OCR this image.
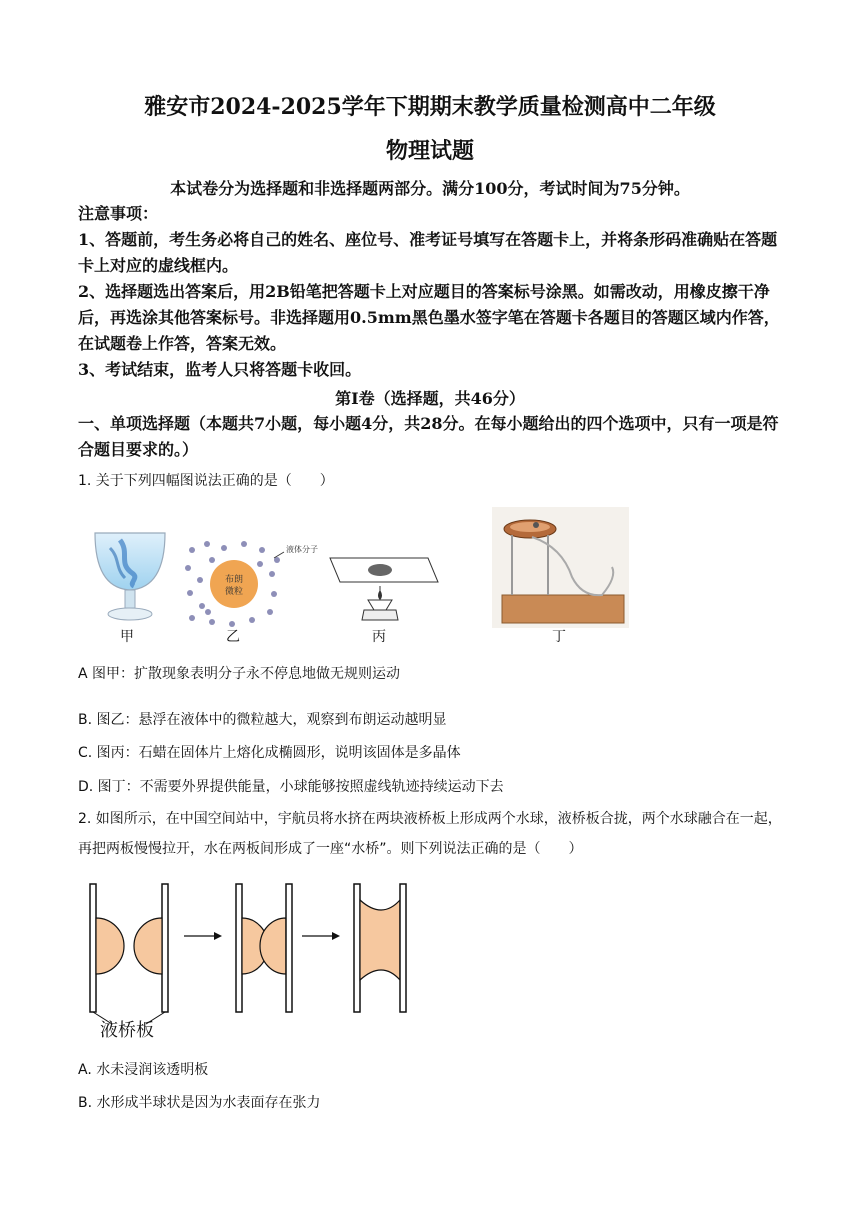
雅安市2024-2025学年下期期末教学质量检测高中二年级
物理试题
本试卷分为选择题和非选择题两部分。满分100分，考试时间为75分钟。
注意事项：
1、答题前，考生务必将自己的姓名、座位号、准考证号填写在答题卡上，并将条形码准确贴在答题卡上对应的虚线框内。
2、选择题选出答案后，用2B铅笔把答题卡上对应题目的答案标号涂黑。如需改动，用橡皮擦干净后，再选涂其他答案标号。非选择题用0.5mm黑色墨水签字笔在答题卡各题目的答题区域内作答，在试题卷上作答，答案无效。
3、考试结束，监考人只将答题卡收回。
第I卷（选择题，共46分）
一、单项选择题（本题共7小题，每小题4分，共28分。在每小题给出的四个选项中，只有一项是符合题目要求的。）
1. 关于下列四幅图说法正确的是（　　）
甲
液体分子
布朗
微粒
乙	丙	丁
A 图甲：扩散现象表明分子永不停息地做无规则运动
B. 图乙：悬浮在液体中的微粒越大，观察到布朗运动越明显
C. 图丙：石蜡在固体片上熔化成椭圆形，说明该固体是多晶体
D. 图丁：不需要外界提供能量，小球能够按照虚线轨迹持续运动下去
2. 如图所示，在中国空间站中，宇航员将水挤在两块液桥板上形成两个水球，液桥板合拢，两个水球融合在一起，再把两板慢慢拉开，水在两板间形成了一座“水桥”。则下列说法正确的是（　　）
液桥板
A. 水未浸润该透明板
B. 水形成半球状是因为水表面存在张力
